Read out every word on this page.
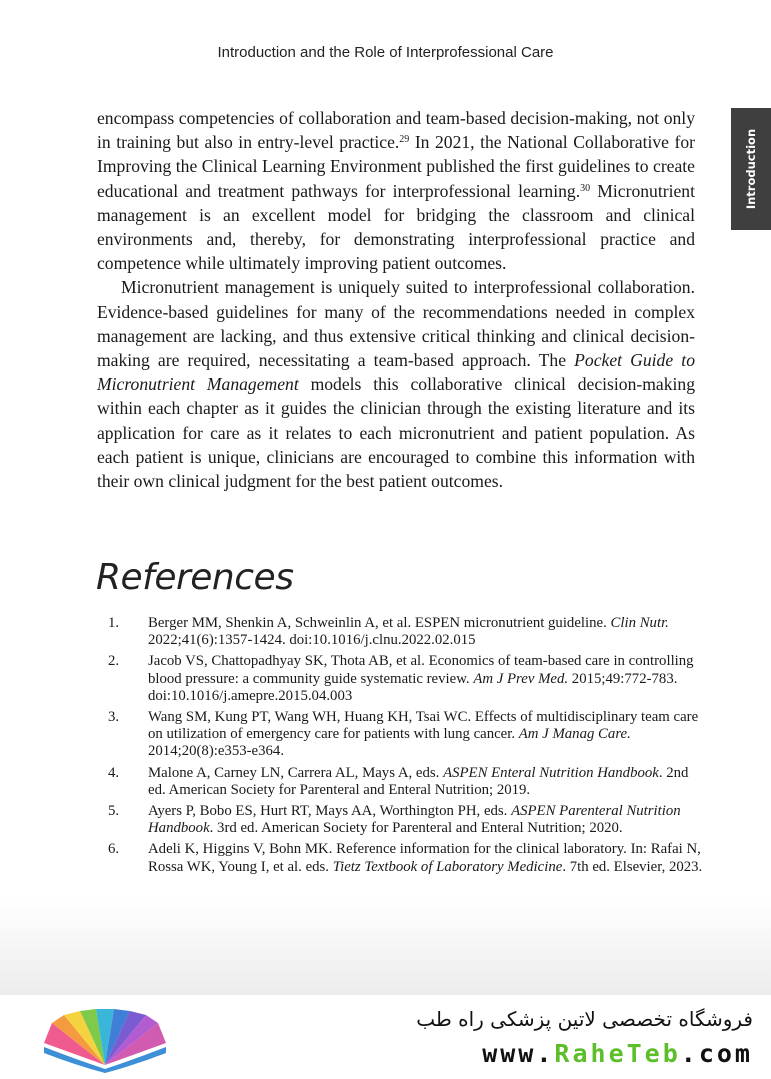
Introduction and the Role of Interprofessional Care
Introduction

encompass competencies of collaboration and team-based decision-making, not only in training but also in entry-level practice.$^{29}$ In 2021, the National Collaborative for Improving the Clinical Learning Environment published the first guidelines to create educational and treatment pathways for interprofessional learning.$^{30}$ Micronutrient management is an excellent model for bridging the classroom and clinical environments and, thereby, for demonstrating interprofessional practice and competence while ultimately improving patient outcomes.

Micronutrient management is uniquely suited to interprofessional collaboration. Evidence-based guidelines for many of the recommendations needed in complex management are lacking, and thus extensive critical thinking and clinical decision-making are required, necessitating a team-based approach. The Pocket Guide to Micronutrient Management models this collaborative clinical decision-making within each chapter as it guides the clinician through the existing literature and its application for care as it relates to each micronutrient and patient population. As each patient is unique, clinicians are encouraged to combine this information with their own clinical judgment for the best patient outcomes.

References
1. Berger MM, Shenkin A, Schweinlin A, et al. ESPEN micronutrient guideline. Clin Nutr. 2022;41(6):1357-1424. doi:10.1016/j.clnu.2022.02.015
2. Jacob VS, Chattopadhyay SK, Thota AB, et al. Economics of team-based care in controlling blood pressure: a community guide systematic review. Am J Prev Med. 2015;49:772-783. doi:10.1016/j.amepre.2015.04.003
3. Wang SM, Kung PT, Wang WH, Huang KH, Tsai WC. Effects of multidisciplinary team care on utilization of emergency care for patients with lung cancer. Am J Manag Care. 2014;20(8):e353-e364.
4. Malone A, Carney LN, Carrera AL, Mays A, eds. ASPEN Enteral Nutrition Handbook. 2nd ed. American Society for Parenteral and Enteral Nutrition; 2019.
5. Ayers P, Bobo ES, Hurt RT, Mays AA, Worthington PH, eds. ASPEN Parenteral Nutrition Handbook. 3rd ed. American Society for Parenteral and Enteral Nutrition; 2020.
6. Adeli K, Higgins V, Bohn MK. Reference information for the clinical laboratory. In: Rafai N, Rossa WK, Young I, et al. eds. Tietz Textbook of Laboratory Medicine. 7th ed. Elsevier, 2023.
فروشگاه تخصصی لاتین پزشکی راه طب
www.RaheTeb.com
